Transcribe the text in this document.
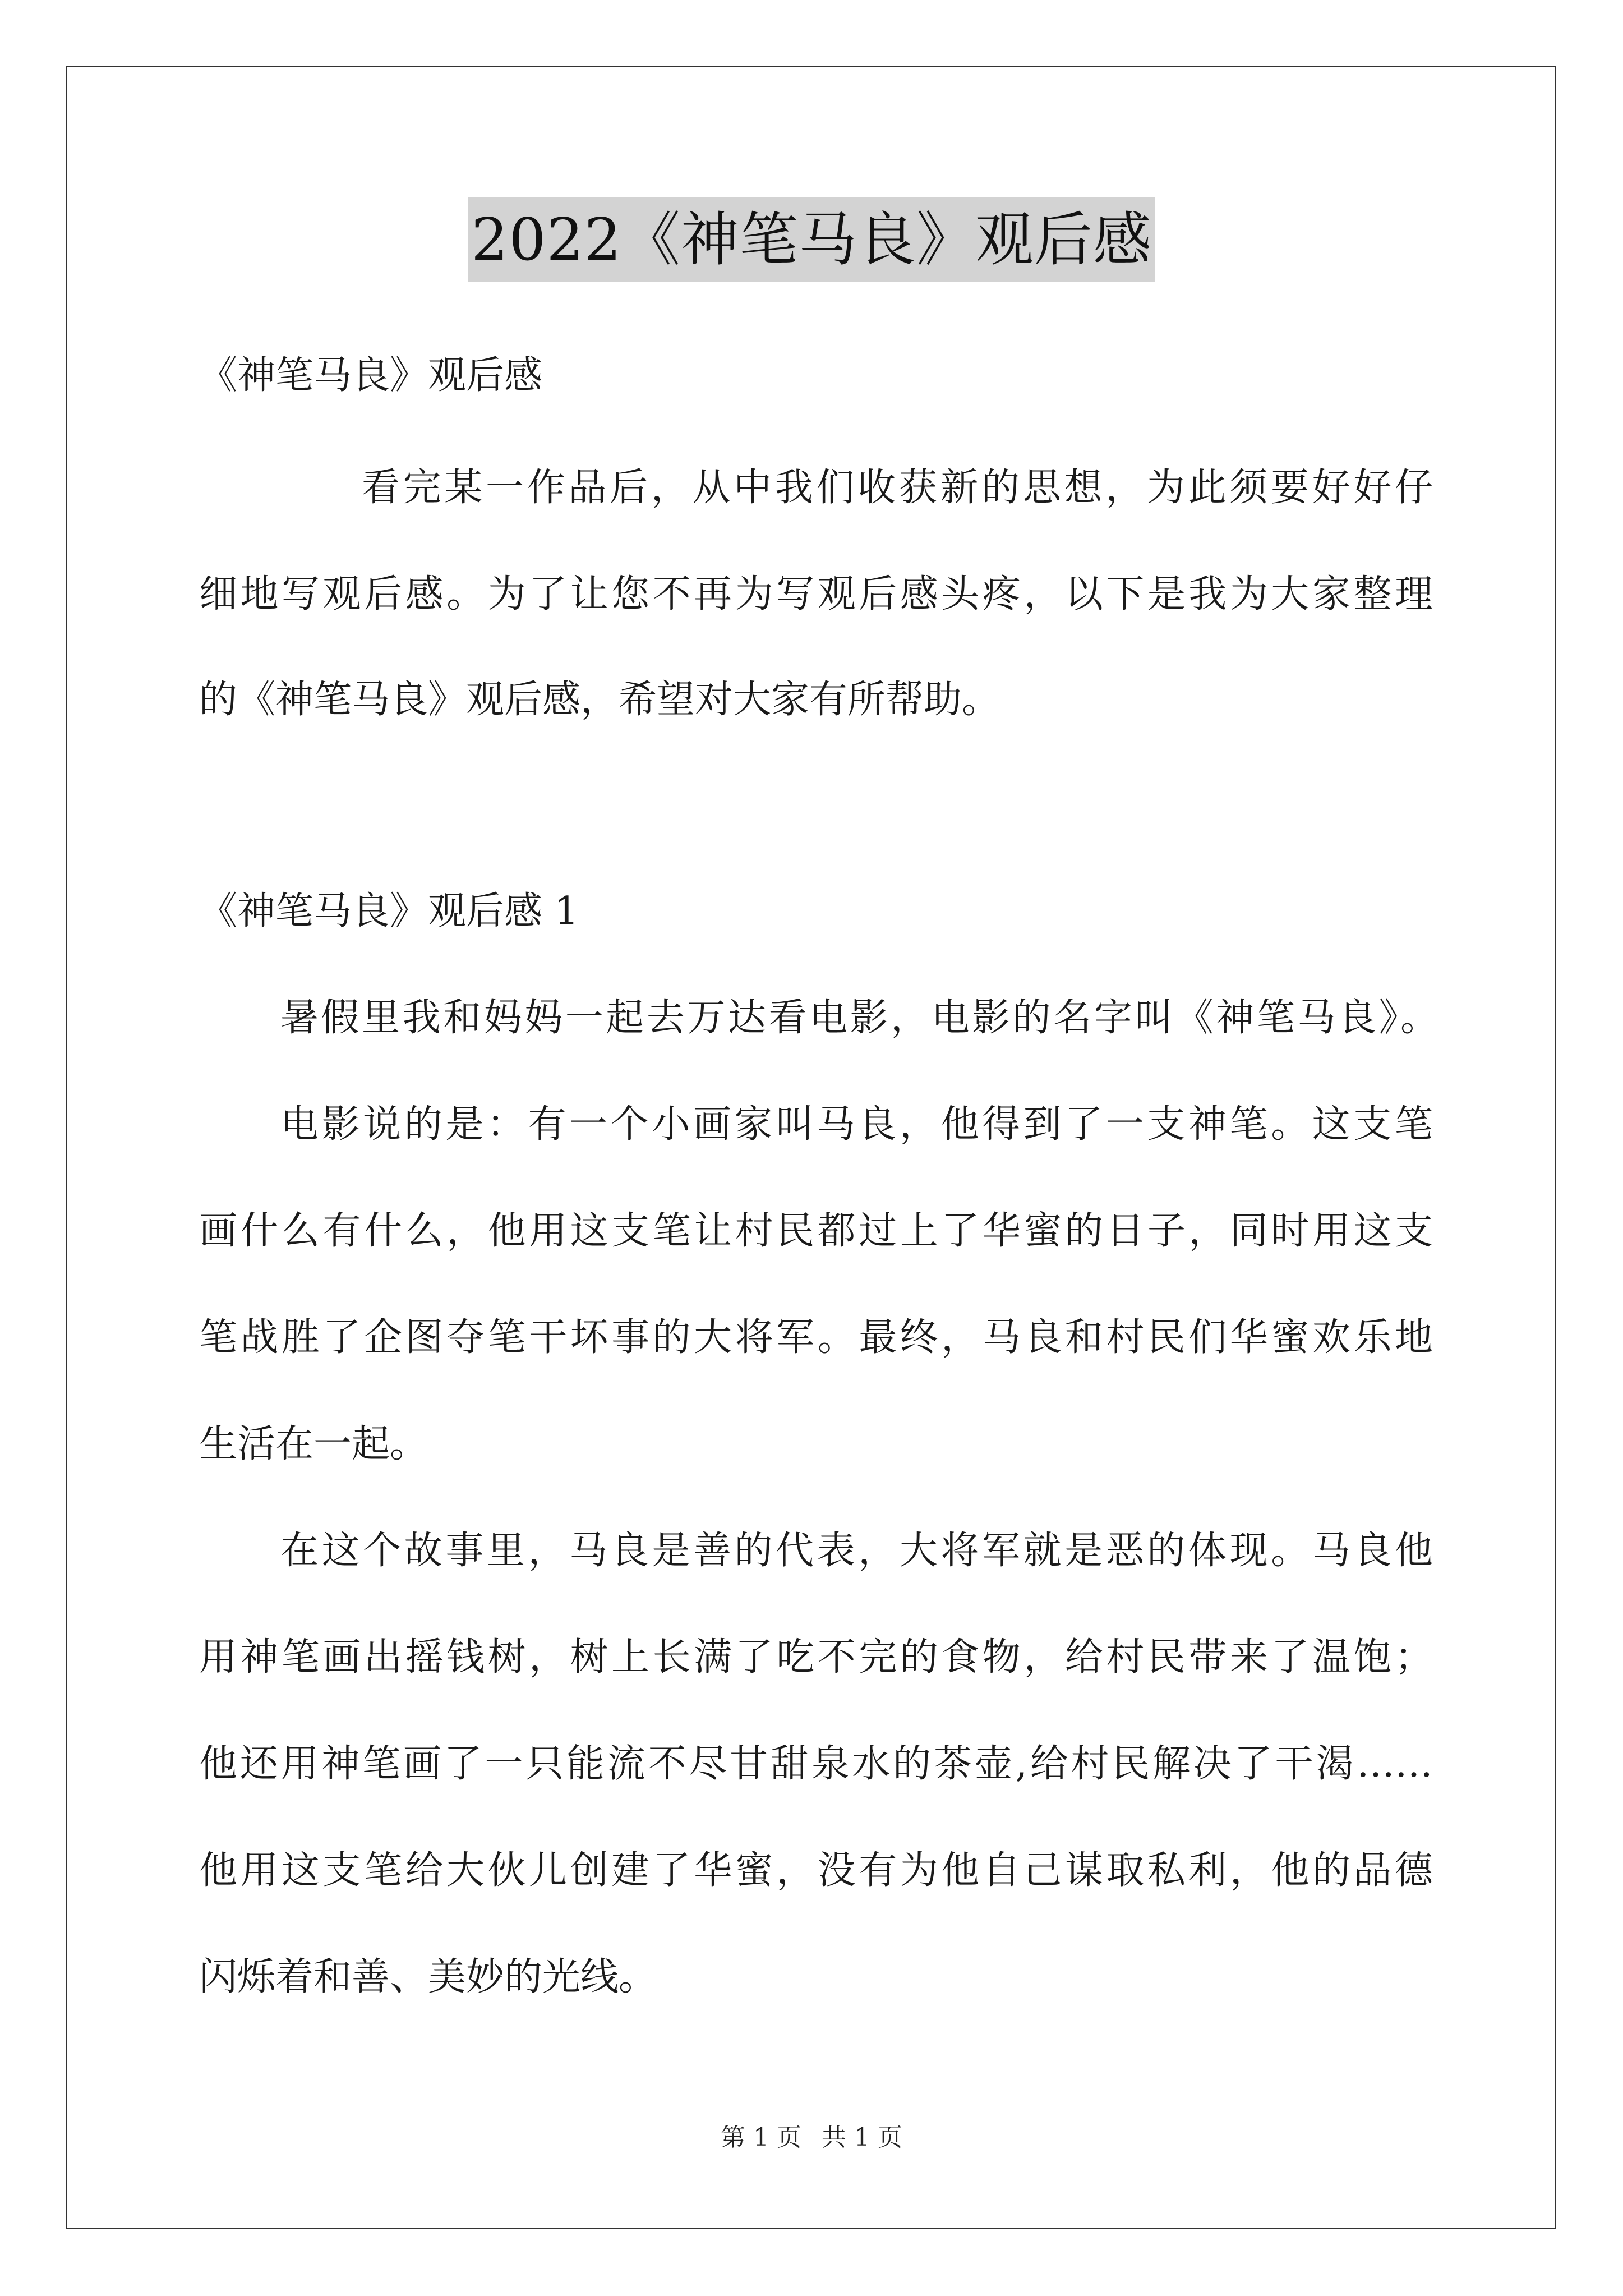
2022《神笔马良》观后感
《神笔马良》观后感
看完某一作品后，从中我们收获新的思想，为此须要好好仔
细地写观后感。为了让您不再为写观后感头疼，以下是我为大家整理
的《神笔马良》观后感，希望对大家有所帮助。
《神笔马良》观后感 1
暑假里我和妈妈一起去万达看电影，电影的名字叫《神笔马良》。
电影说的是：有一个小画家叫马良，他得到了一支神笔。这支笔
画什么有什么，他用这支笔让村民都过上了华蜜的日子，同时用这支
笔战胜了企图夺笔干坏事的大将军。最终，马良和村民们华蜜欢乐地
生活在一起。
在这个故事里，马良是善的代表，大将军就是恶的体现。马良他
用神笔画出摇钱树，树上长满了吃不完的食物，给村民带来了温饱；
他还用神笔画了一只能流不尽甘甜泉水的茶壶,给村民解决了干渴……
他用这支笔给大伙儿创建了华蜜，没有为他自己谋取私利，他的品德
闪烁着和善、美妙的光线。
第 1 页 共 1 页
